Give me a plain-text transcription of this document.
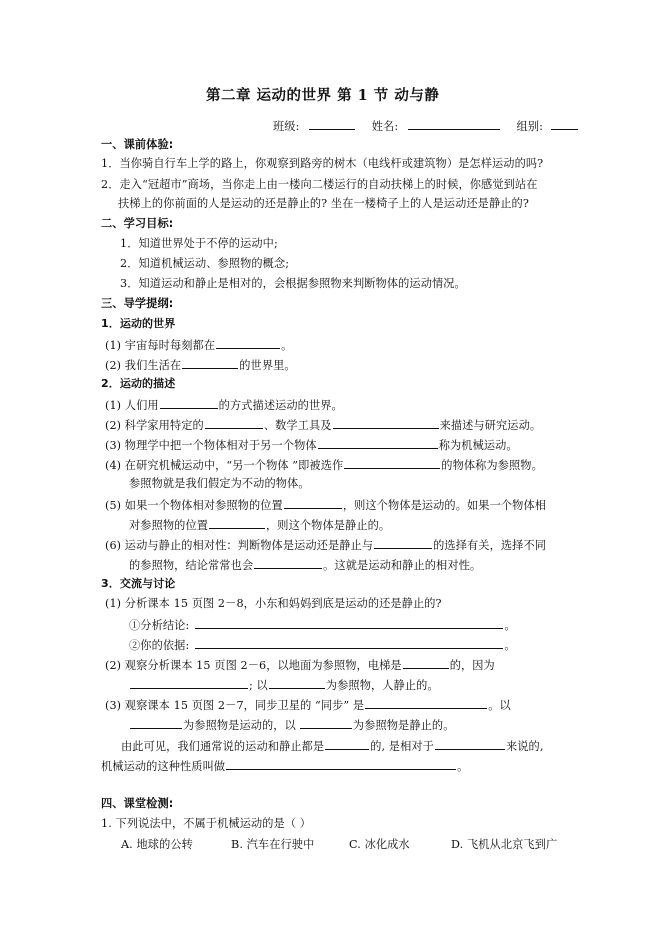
第二章 运动的世界 第 1 节 动与静
班级:	姓名:	组别:
一、课前体验:
1．当你骑自行车上学的路上，你观察到路旁的树木（电线杆或建筑物）是怎样运动的吗?
2．走入“冠超市”商场，当你走上由一楼向二楼运行的自动扶梯上的时候，你感觉到站在
扶梯上的你前面的人是运动的还是静止的? 坐在一楼椅子上的人是运动还是静止的?
二、学习目标:
1．知道世界处于不停的运动中;
2．知道机械运动、参照物的概念;
3．知道运动和静止是相对的，会根据参照物来判断物体的运动情况。
三、导学提纲:
1．运动的世界
(1) 宇宙每时每刻都在	。
(2) 我们生活在	的世界里。
2．运动的描述
(1) 人们用	的方式描述运动的世界。
(2) 科学家用特定的	、数学工具及	来描述与研究运动。
(3) 物理学中把一个物体相对于另一个物体	称为机械运动。
(4) 在研究机械运动中，“另一个物体 ”即被选作	的物体称为参照物。
参照物就是我们假定为不动的物体。
(5) 如果一个物体相对参照物的位置	，则这个物体是运动的。如果一个物体相
对参照物的位置	，则这个物体是静止的。
(6) 运动与静止的相对性：判断物体是运动还是静止与	的选择有关，选择不同
的参照物，结论常常也会	。这就是运动和静止的相对性。
3．交流与讨论
(1) 分析课本 15 页图 2－8，小东和妈妈到底是运动的还是静止的?
①分析结论:	。
②你的依据:	。
(2) 观察分析课本 15 页图 2－6，以地面为参照物，电梯是	的，因为
; 以	为参照物，人静止的。
(3) 观察课本 15 页图 2－7，同步卫星的 “同步” 是	。以
为参照物是运动的，以	为参照物是静止的。
由此可见，我们通常说的运动和静止都是	的, 是相对于	来说的,
机械运动的这种性质叫做	。
四、课堂检测:
1. 下列说法中，不属于机械运动的是（ ）
A. 地球的公转	B. 汽车在行驶中	C. 冰化成水	D. 飞机从北京飞到广
